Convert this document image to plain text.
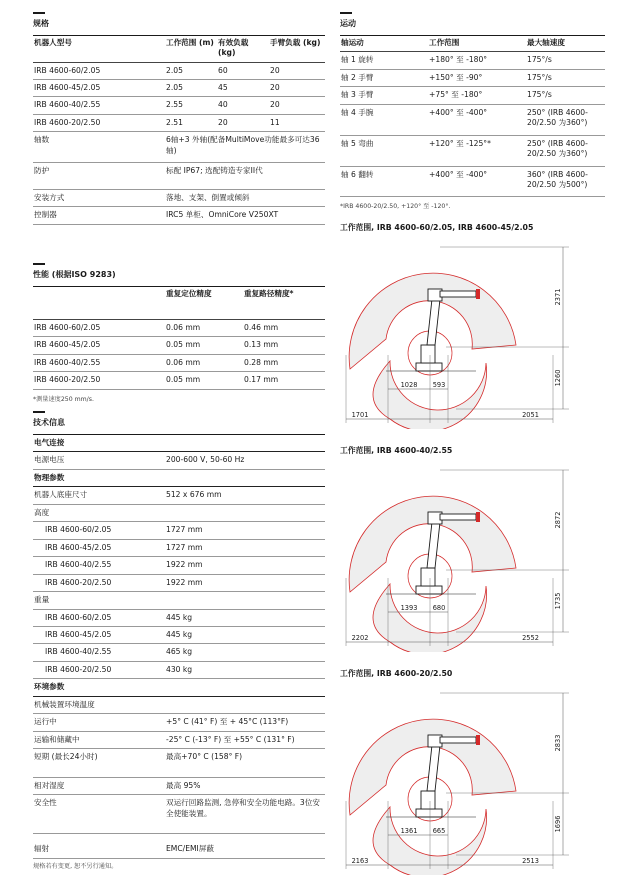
规格
机器人型号	工作范围 (m)	有效负载 (kg)	手臂负载 (kg)
IRB 4600-60/2.05	2.05	60	20
IRB 4600-45/2.05	2.05	45	20
IRB 4600-40/2.55	2.55	40	20
IRB 4600-20/2.50	2.51	20	11
轴数	6轴+3 外轴(配备MultiMove功能最多可达36轴)		
防护	标配 IP67; 选配铸造专家II代		
安装方式	落地、支架、倒置或倾斜		
控制器	IRC5 单柜、OmniCore V250XT		
性能 (根据ISO 9283)
	重复定位精度	重复路径精度*
IRB 4600-60/2.05	0.06 mm	0.46 mm
IRB 4600-45/2.05	0.05 mm	0.13 mm
IRB 4600-40/2.55	0.06 mm	0.28 mm
IRB 4600-20/2.50	0.05 mm	0.17 mm
*测量速度250 mm/s.
技术信息
电气连接	
电源电压	200-600 V, 50-60 Hz
物理参数	
机器人底座尺寸	512 x 676 mm
高度	
IRB 4600-60/2.05	1727 mm
IRB 4600-45/2.05	1727 mm
IRB 4600-40/2.55	1922 mm
IRB 4600-20/2.50	1922 mm
重量	
IRB 4600-60/2.05	445 kg
IRB 4600-45/2.05	445 kg
IRB 4600-40/2.55	465 kg
IRB 4600-20/2.50	430 kg
环境参数	
机械装置环境温度	
运行中	+5° C (41° F) 至 + 45°C (113°F)
运输和储藏中	-25° C (-13° F) 至 +55° C (131° F)
短期 (最长24小时)	最高+70° C (158° F)
相对湿度	最高 95%
安全性	双运行回路监测, 急停和安全功能电路。3位安全使能装置。
辐射	EMC/EMI屏蔽
规格若有变更, 恕不另行通知。
运动
轴运动	工作范围	最大轴速度
轴 1 旋转	+180° 至 -180°	175°/s
轴 2 手臂	+150° 至 -90°	175°/s
轴 3 手臂	+75° 至 -180°	175°/s
轴 4 手腕	+400° 至 -400°	250° (IRB 4600-20/2.50 为360°)
轴 5 弯曲	+120° 至 -125°*	250° (IRB 4600-20/2.50 为360°)
轴 6 翻转	+400° 至 -400°	360° (IRB 4600-20/2.50 为500°)
*IRB 4600-20/2.50, +120° 至 -120°.
工作范围, IRB 4600-60/2.05, IRB 4600-45/2.05
1701
1028 593
2051
2371
1260
工作范围, IRB 4600-40/2.55
2202
1393 680
2552
2872
1735
工作范围, IRB 4600-20/2.50
2163
1361 665
2513
2833
1696
